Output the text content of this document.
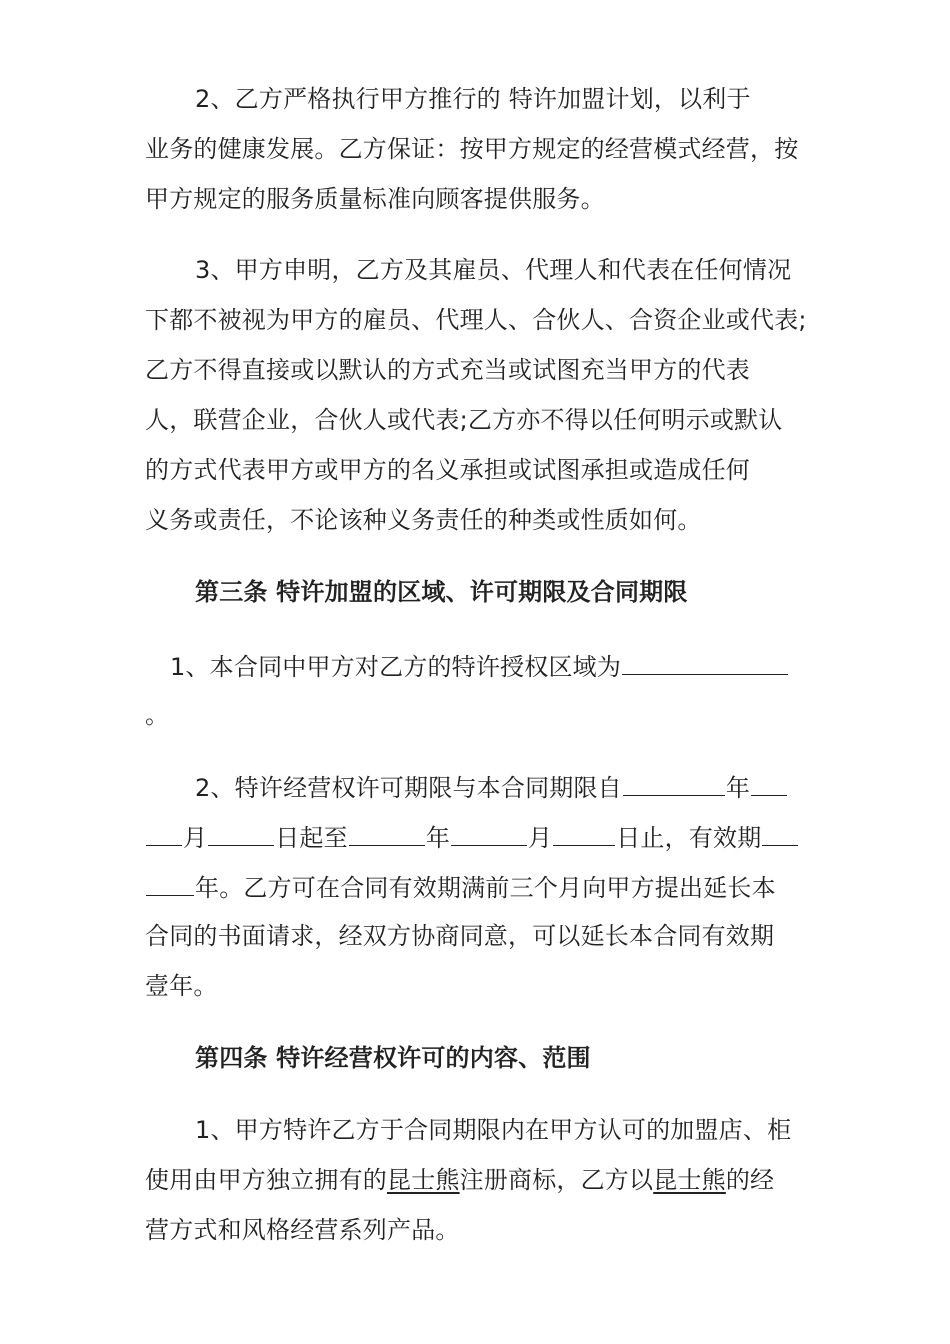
2、乙方严格执行甲方推行的 特许加盟计划，以利于
业务的健康发展。乙方保证：按甲方规定的经营模式经营，按
甲方规定的服务质量标准向顾客提供服务。
3、甲方申明，乙方及其雇员、代理人和代表在任何情况
下都不被视为甲方的雇员、代理人、合伙人、合资企业或代表;
乙方不得直接或以默认的方式充当或试图充当甲方的代表
人，联营企业，合伙人或代表;乙方亦不得以任何明示或默认
的方式代表甲方或甲方的名义承担或试图承担或造成任何
义务或责任，不论该种义务责任的种类或性质如何。
第三条 特许加盟的区域、许可期限及合同期限
1、本合同中甲方对乙方的特许授权区域为
。
2、特许经营权许可期限与本合同期限自	年
月	日起至	年	月	日止，有效期
年。乙方可在合同有效期满前三个月向甲方提出延长本
合同的书面请求，经双方协商同意，可以延长本合同有效期
壹年。
第四条 特许经营权许可的内容、范围
1、甲方特许乙方于合同期限内在甲方认可的加盟店、柜
使用由甲方独立拥有的昆士熊注册商标，乙方以昆士熊的经
营方式和风格经营系列产品。
